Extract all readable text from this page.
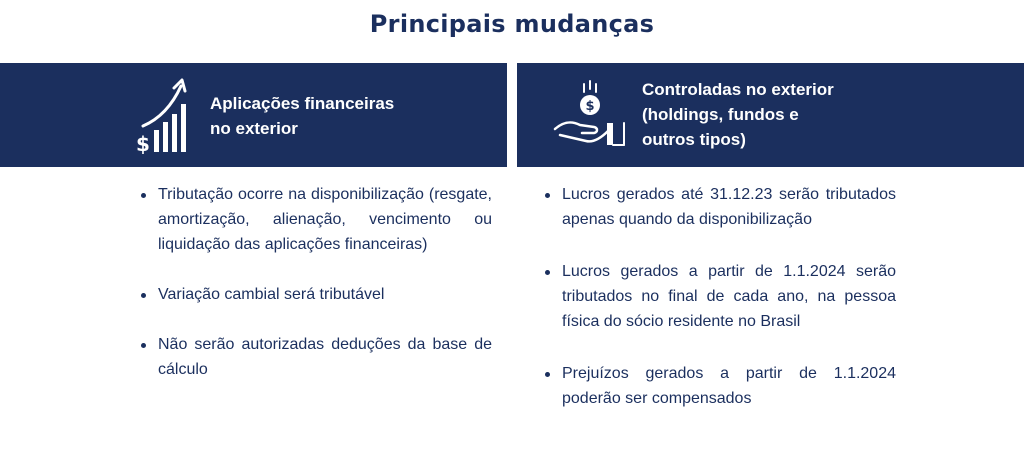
Principais mudanças
$
Aplicações financeiras
no exterior
$
Controladas no exterior
(holdings, fundos e
outros tipos)
Tributação ocorre na disponibilização (resgate, amortização, alienação, vencimento ou liquidação das aplicações financeiras)
Variação cambial será tributável
Não serão autorizadas deduções da base de cálculo
Lucros gerados até 31.12.23 serão tributados apenas quando da disponibilização
Lucros gerados a partir de 1.1.2024 serão tributados no final de cada ano, na pessoa física do sócio residente no Brasil
Prejuízos gerados a partir de 1.1.2024 poderão ser compensados
